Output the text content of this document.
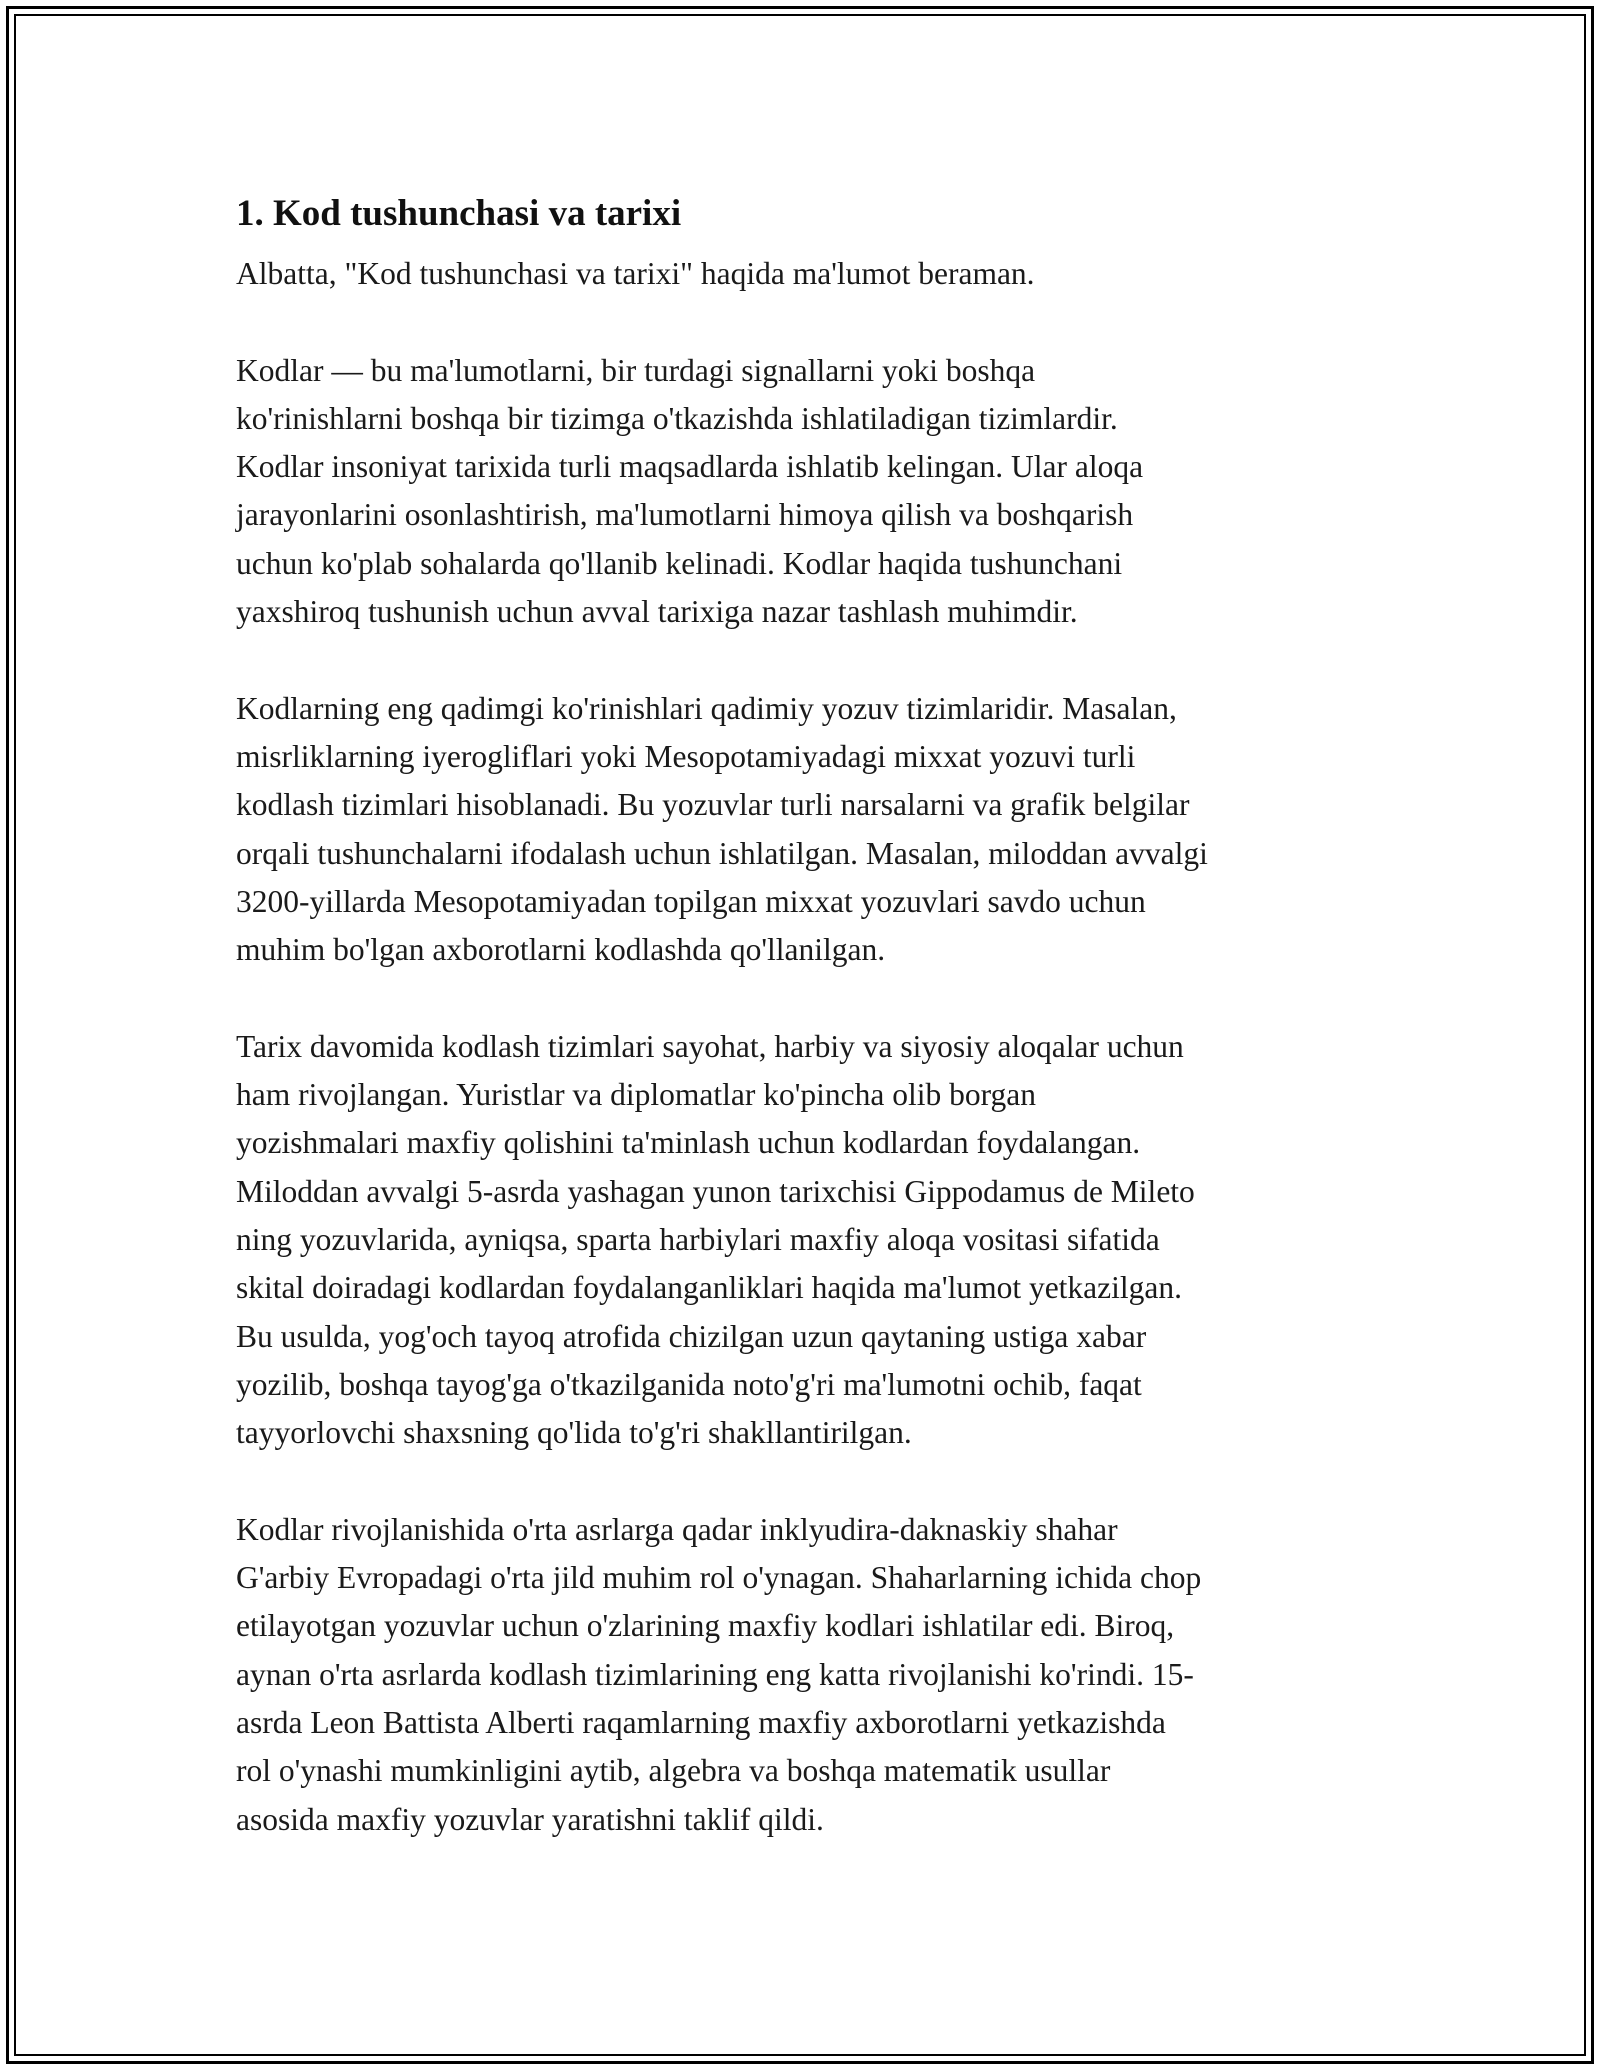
1. Kod tushunchasi va tarixi

Albatta, "Kod tushunchasi va tarixi" haqida ma'lumot beraman.

Kodlar — bu ma'lumotlarni, bir turdagi signallarni yoki boshqa
ko'rinishlarni boshqa bir tizimga o'tkazishda ishlatiladigan tizimlardir.
Kodlar insoniyat tarixida turli maqsadlarda ishlatib kelingan. Ular aloqa
jarayonlarini osonlashtirish, ma'lumotlarni himoya qilish va boshqarish
uchun ko'plab sohalarda qo'llanib kelinadi. Kodlar haqida tushunchani
yaxshiroq tushunish uchun avval tarixiga nazar tashlash muhimdir.

Kodlarning eng qadimgi ko'rinishlari qadimiy yozuv tizimlaridir. Masalan,
misrliklarning iyerogliflari yoki Mesopotamiyadagi mixxat yozuvi turli
kodlash tizimlari hisoblanadi. Bu yozuvlar turli narsalarni va grafik belgilar
orqali tushunchalarni ifodalash uchun ishlatilgan. Masalan, miloddan avvalgi
3200-yillarda Mesopotamiyadan topilgan mixxat yozuvlari savdo uchun
muhim bo'lgan axborotlarni kodlashda qo'llanilgan.

Tarix davomida kodlash tizimlari sayohat, harbiy va siyosiy aloqalar uchun
ham rivojlangan. Yuristlar va diplomatlar ko'pincha olib borgan
yozishmalari maxfiy qolishini ta'minlash uchun kodlardan foydalangan.
Miloddan avvalgi 5-asrda yashagan yunon tarixchisi Gippodamus de Mileto
ning yozuvlarida, ayniqsa, sparta harbiylari maxfiy aloqa vositasi sifatida
skital doiradagi kodlardan foydalanganliklari haqida ma'lumot yetkazilgan.
Bu usulda, yog'och tayoq atrofida chizilgan uzun qaytaning ustiga xabar
yozilib, boshqa tayog'ga o'tkazilganida noto'g'ri ma'lumotni ochib, faqat
tayyorlovchi shaxsning qo'lida to'g'ri shakllantirilgan.

Kodlar rivojlanishida o'rta asrlarga qadar inklyudira-daknaskiy shahar
G'arbiy Evropadagi o'rta jild muhim rol o'ynagan. Shaharlarning ichida chop
etilayotgan yozuvlar uchun o'zlarining maxfiy kodlari ishlatilar edi. Biroq,
aynan o'rta asrlarda kodlash tizimlarining eng katta rivojlanishi ko'rindi. 15-
asrda Leon Battista Alberti raqamlarning maxfiy axborotlarni yetkazishda
rol o'ynashi mumkinligini aytib, algebra va boshqa matematik usullar
asosida maxfiy yozuvlar yaratishni taklif qildi.
